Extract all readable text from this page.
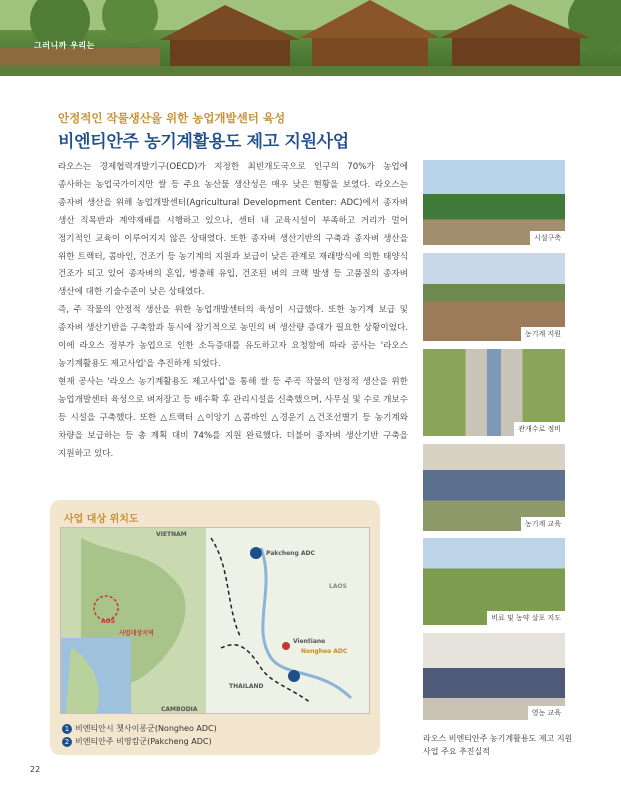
그러니까 우리는
안정적인 작물생산을 위한 농업개발센터 육성
비엔티안주 농기계활용도 제고 지원사업

라오스는 경제협력개발기구(OECD)가 지정한 최빈개도국으로 인구의 70%가 농업에 종사하는 농업국가이지만 쌀 등 주요 농산물 생산성은 매우 낮은 현황을 보였다. 라오스는 종자벼 생산을 위해 농업개발센터(Agricultural Development Center: ADC)에서 종자벼 생산 직목반과 계약재배를 시행하고 있으나, 센터 내 교육시설이 부족하고 거리가 멀어 정기적인 교육이 이루어지지 않은 상태였다. 또한 종자벼 생산기반의 구축과 종자벼 생산을 위한 트랙터, 콤바인, 건조기 등 농기계의 지원과 보급이 낮은 관계로 재래방식에 의한 태양식 건조가 되고 있어 종자벼의 혼입, 병충해 유입, 건조된 벼의 크랙 발생 등 고품질의 종자벼 생산에 대한 기술수준이 낮은 상태였다.

즉, 주 작물의 안정적 생산을 위한 농업개발센터의 육성이 시급했다. 또한 농기계 보급 및 종자벼 생산기반을 구축함과 동시에 장기적으로 농민의 벼 생산량 증대가 필요한 상황이었다. 이에 라오스 정부가 농업으로 인한 소득증대를 유도하고자 요청함에 따라 공사는 '라오스 농기계활용도 제고사업'을 추진하게 되었다.

현재 공사는 '라오스 농기계활용도 제고사업'을 통해 쌀 등 주곡 작물의 안정적 생산을 위한 농업개발센터 육성으로 벼저장고 등 배수확 후 관리시설을 신축했으며, 사무실 및 수로 개보수 등 시설을 구축했다. 또한 △트랙터 △이앙기 △콤바인 △경운기 △건조선별기 등 농기계와 차량을 보급하는 등 총 계획 대비 74%를 지원 완료했다. 더불어 종자벼 생산기반 구축을 지원하고 있다.

사업 대상 위치도
VIETNAM
AOS
사업대상지역
CAMBODIA
Pakcheng ADC
LAOS
Vientiane
Nongheo ADC
THAILAND
1 비엔티안시 쳇사이롱군(Nongheo ADC)
2 비엔티안주 비영캄군(Pakcheng ADC)
시설구축
농기계 지원
관개수로 정비
농기계 교육
비료 및 농약 살포 지도
영농 교육
라오스 비엔티안주 농기계활용도 제고 지원사업 주요 추진실적
22
